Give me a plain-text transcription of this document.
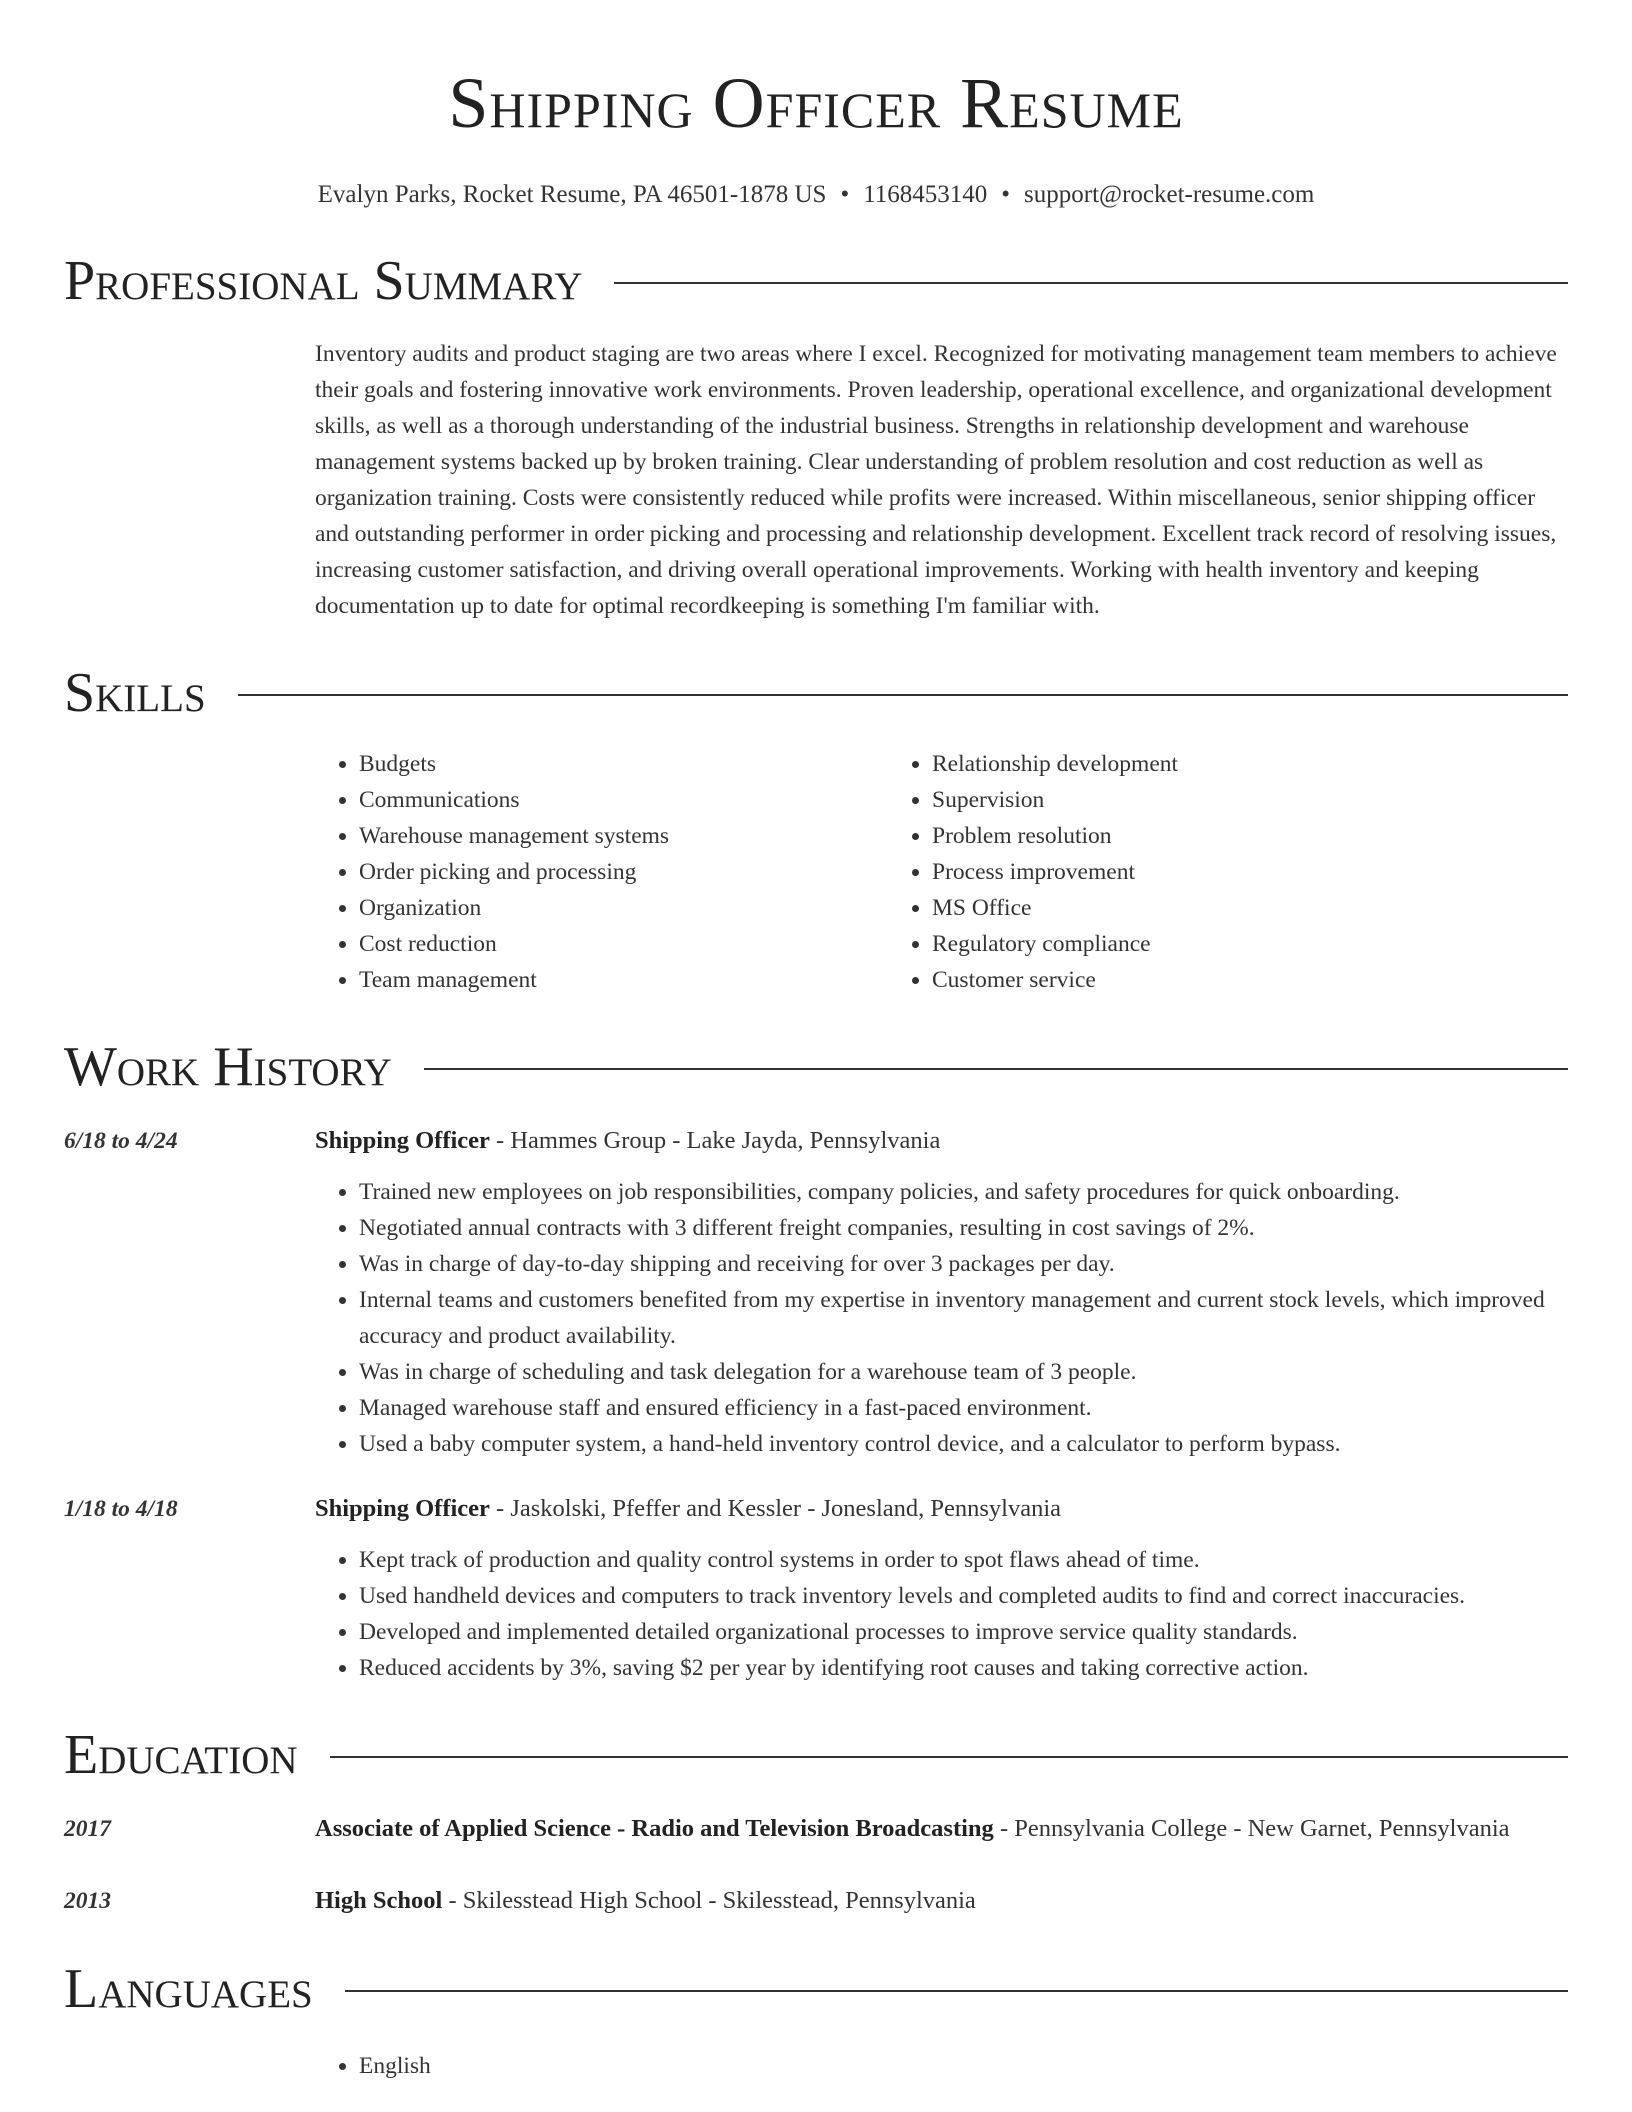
Shipping Officer Resume
Evalyn Parks, Rocket Resume, PA 46501-1878 US • 1168453140 • support@rocket-resume.com
Professional Summary
Inventory audits and product staging are two areas where I excel. Recognized for motivating management team members to achieve their goals and fostering innovative work environments. Proven leadership, operational excellence, and organizational development skills, as well as a thorough understanding of the industrial business. Strengths in relationship development and warehouse management systems backed up by broken training. Clear understanding of problem resolution and cost reduction as well as organization training. Costs were consistently reduced while profits were increased. Within miscellaneous, senior shipping officer and outstanding performer in order picking and processing and relationship development. Excellent track record of resolving issues, increasing customer satisfaction, and driving overall operational improvements. Working with health inventory and keeping documentation up to date for optimal recordkeeping is something I'm familiar with.
Skills
• Budgets
• Communications
• Warehouse management systems
• Order picking and processing
• Organization
• Cost reduction
• Team management
• Relationship development
• Supervision
• Problem resolution
• Process improvement
• MS Office
• Regulatory compliance
• Customer service
Work History
6/18 to 4/24	Shipping Officer - Hammes Group - Lake Jayda, Pennsylvania
• Trained new employees on job responsibilities, company policies, and safety procedures for quick onboarding.
• Negotiated annual contracts with 3 different freight companies, resulting in cost savings of 2%.
• Was in charge of day-to-day shipping and receiving for over 3 packages per day.
• Internal teams and customers benefited from my expertise in inventory management and current stock levels, which improved accuracy and product availability.
• Was in charge of scheduling and task delegation for a warehouse team of 3 people.
• Managed warehouse staff and ensured efficiency in a fast-paced environment.
• Used a baby computer system, a hand-held inventory control device, and a calculator to perform bypass.
1/18 to 4/18	Shipping Officer - Jaskolski, Pfeffer and Kessler - Jonesland, Pennsylvania
• Kept track of production and quality control systems in order to spot flaws ahead of time.
• Used handheld devices and computers to track inventory levels and completed audits to find and correct inaccuracies.
• Developed and implemented detailed organizational processes to improve service quality standards.
• Reduced accidents by 3%, saving $2 per year by identifying root causes and taking corrective action.
Education
2017	Associate of Applied Science - Radio and Television Broadcasting - Pennsylvania College - New Garnet, Pennsylvania
2013	High School - Skilesstead High School - Skilesstead, Pennsylvania
Languages
• English
